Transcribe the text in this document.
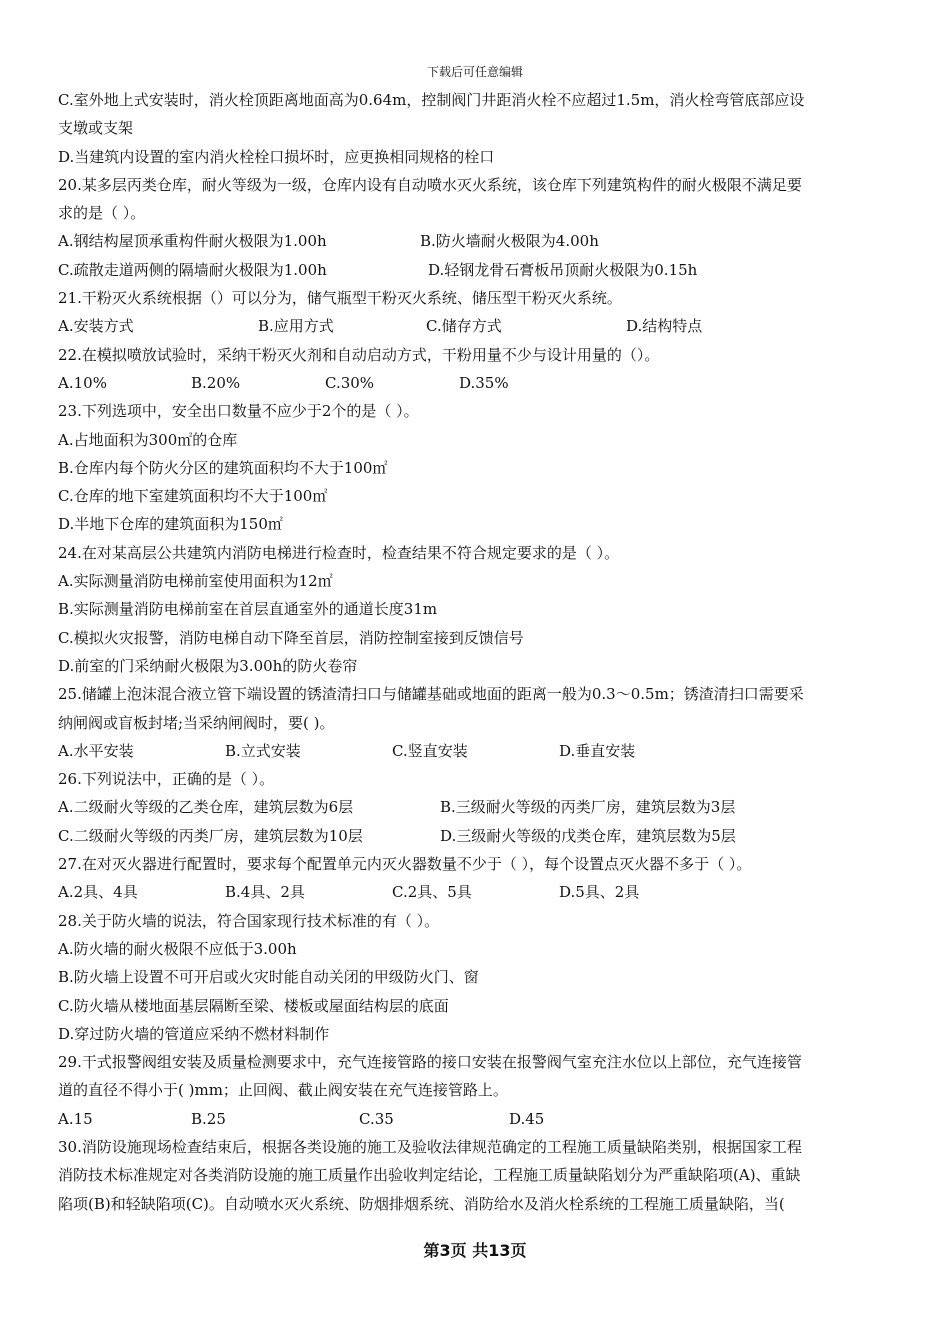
下载后可任意编辑
C.室外地上式安装时，消火栓顶距离地面高为0.64m，控制阀门井距消火栓不应超过1.5m，消火栓弯管底部应设
支墩或支架
D.当建筑内设置的室内消火栓栓口损坏时，应更换相同规格的栓口
20.某多层丙类仓库，耐火等级为一级，仓库内设有自动喷水灭火系统，该仓库下列建筑构件的耐火极限不满足要
求的是（ ）。
A.钢结构屋顶承重构件耐火极限为1.00h	B.防火墙耐火极限为4.00h
C.疏散走道两侧的隔墙耐火极限为1.00h	D.轻钢龙骨石膏板吊顶耐火极限为0.15h
21.干粉灭火系统根据（）可以分为，储气瓶型干粉灭火系统、储压型干粉灭火系统。
A.安装方式	B.应用方式	C.储存方式	D.结构特点
22.在模拟喷放试验时，采纳干粉灭火剂和自动启动方式，干粉用量不少与设计用量的（）。
A.10%	B.20%	C.30%	D.35%
23.下列选项中，安全出口数量不应少于2个的是（ ）。
A.占地面积为300㎡的仓库
B.仓库内每个防火分区的建筑面积均不大于100㎡
C.仓库的地下室建筑面积均不大于100㎡
D.半地下仓库的建筑面积为150㎡
24.在对某高层公共建筑内消防电梯进行检查时，检查结果不符合规定要求的是（ ）。
A.实际测量消防电梯前室使用面积为12㎡
B.实际测量消防电梯前室在首层直通室外的通道长度31m
C.模拟火灾报警，消防电梯自动下降至首层，消防控制室接到反馈信号
D.前室的门采纳耐火极限为3.00h的防火卷帘
25.储罐上泡沫混合液立管下端设置的锈渣清扫口与储罐基础或地面的距离一般为0.3～0.5m；锈渣清扫口需要采
纳闸阀或盲板封堵;当采纳闸阀时，要( )。
A.水平安装	B.立式安装	C.竖直安装	D.垂直安装
26.下列说法中，正确的是（ ）。
A.二级耐火等级的乙类仓库，建筑层数为6层	B.三级耐火等级的丙类厂房，建筑层数为3层
C.二级耐火等级的丙类厂房，建筑层数为10层	D.三级耐火等级的戊类仓库，建筑层数为5层
27.在对灭火器进行配置时，要求每个配置单元内灭火器数量不少于（ ），每个设置点灭火器不多于（ ）。
A.2具、4具	B.4具、2具	C.2具、5具	D.5具、2具
28.关于防火墙的说法，符合国家现行技术标准的有（ ）。
A.防火墙的耐火极限不应低于3.00h
B.防火墙上设置不可开启或火灾时能自动关闭的甲级防火门、窗
C.防火墙从楼地面基层隔断至梁、楼板或屋面结构层的底面
D.穿过防火墙的管道应采纳不燃材料制作
29.干式报警阀组安装及质量检测要求中，充气连接管路的接口安装在报警阀气室充注水位以上部位，充气连接管
道的直径不得小于( )mm；止回阀、截止阀安装在充气连接管路上。
A.15	B.25	C.35	D.45
30.消防设施现场检查结束后，根据各类设施的施工及验收法律规范确定的工程施工质量缺陷类别，根据国家工程
消防技术标准规定对各类消防设施的施工质量作出验收判定结论，工程施工质量缺陷划分为严重缺陷项(A)、重缺
陷项(B)和轻缺陷项(C)。自动喷水灭火系统、防烟排烟系统、消防给水及消火栓系统的工程施工质量缺陷，当(
第3页 共13页
